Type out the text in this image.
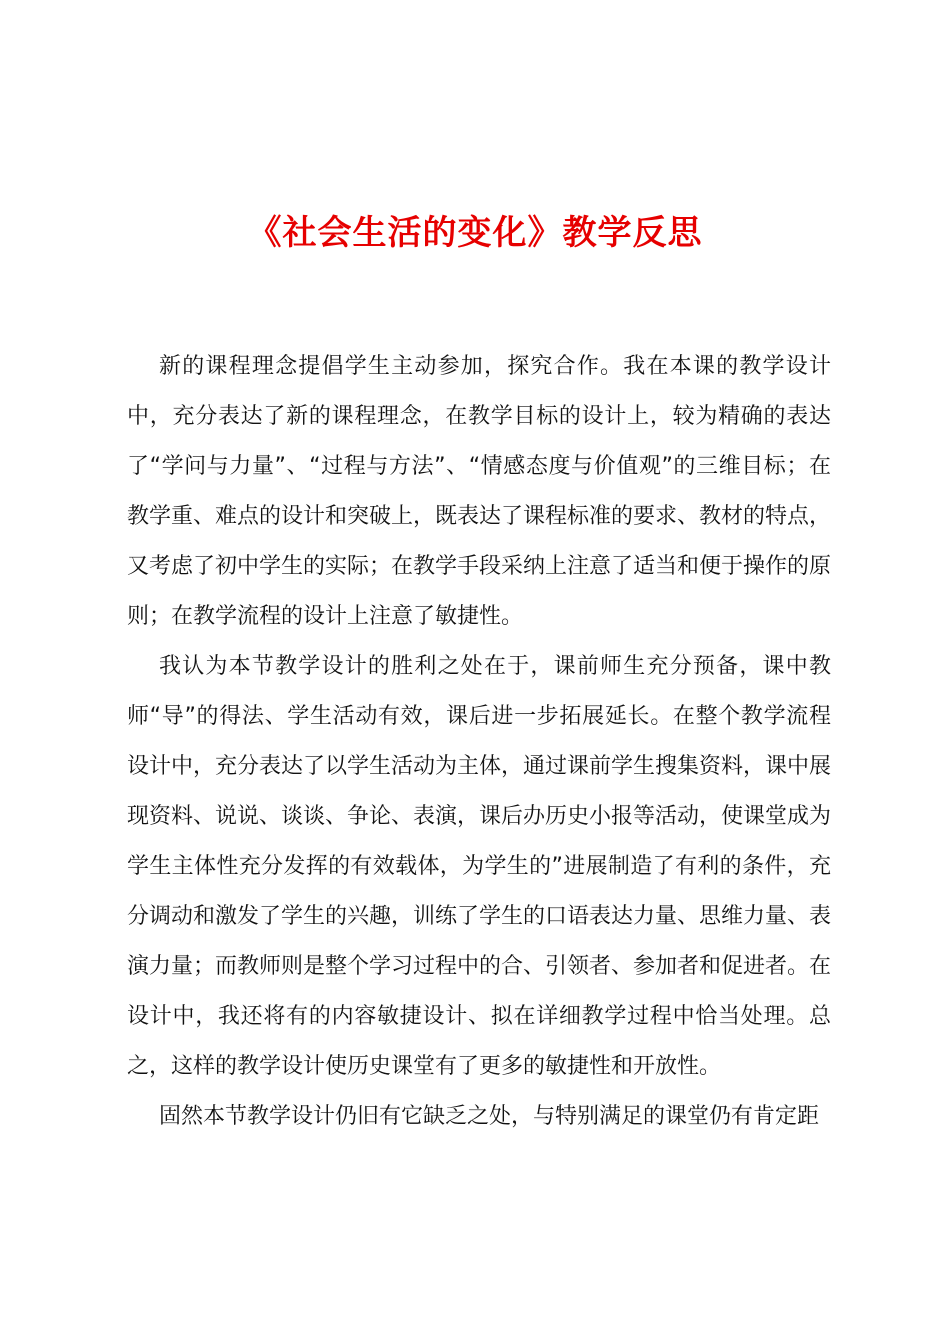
《社会生活的变化》教学反思

新的课程理念提倡学生主动参加，探究合作。我在本课的教学设计中，充分表达了新的课程理念，在教学目标的设计上，较为精确的表达了“学问与力量”、“过程与方法”、“情感态度与价值观”的三维目标；在教学重、难点的设计和突破上，既表达了课程标准的要求、教材的特点，又考虑了初中学生的实际；在教学手段采纳上注意了适当和便于操作的原则；在教学流程的设计上注意了敏捷性。

我认为本节教学设计的胜利之处在于，课前师生充分预备，课中教师“导”的得法、学生活动有效，课后进一步拓展延长。在整个教学流程设计中，充分表达了以学生活动为主体，通过课前学生搜集资料，课中展现资料、说说、谈谈、争论、表演，课后办历史小报等活动，使课堂成为学生主体性充分发挥的有效载体，为学生的”进展制造了有利的条件，充分调动和激发了学生的兴趣，训练了学生的口语表达力量、思维力量、表演力量；而教师则是整个学习过程中的合、引领者、参加者和促进者。在设计中，我还将有的内容敏捷设计、拟在详细教学过程中恰当处理。总之，这样的教学设计使历史课堂有了更多的敏捷性和开放性。

固然本节教学设计仍旧有它缺乏之处，与特别满足的课堂仍有肯定距
